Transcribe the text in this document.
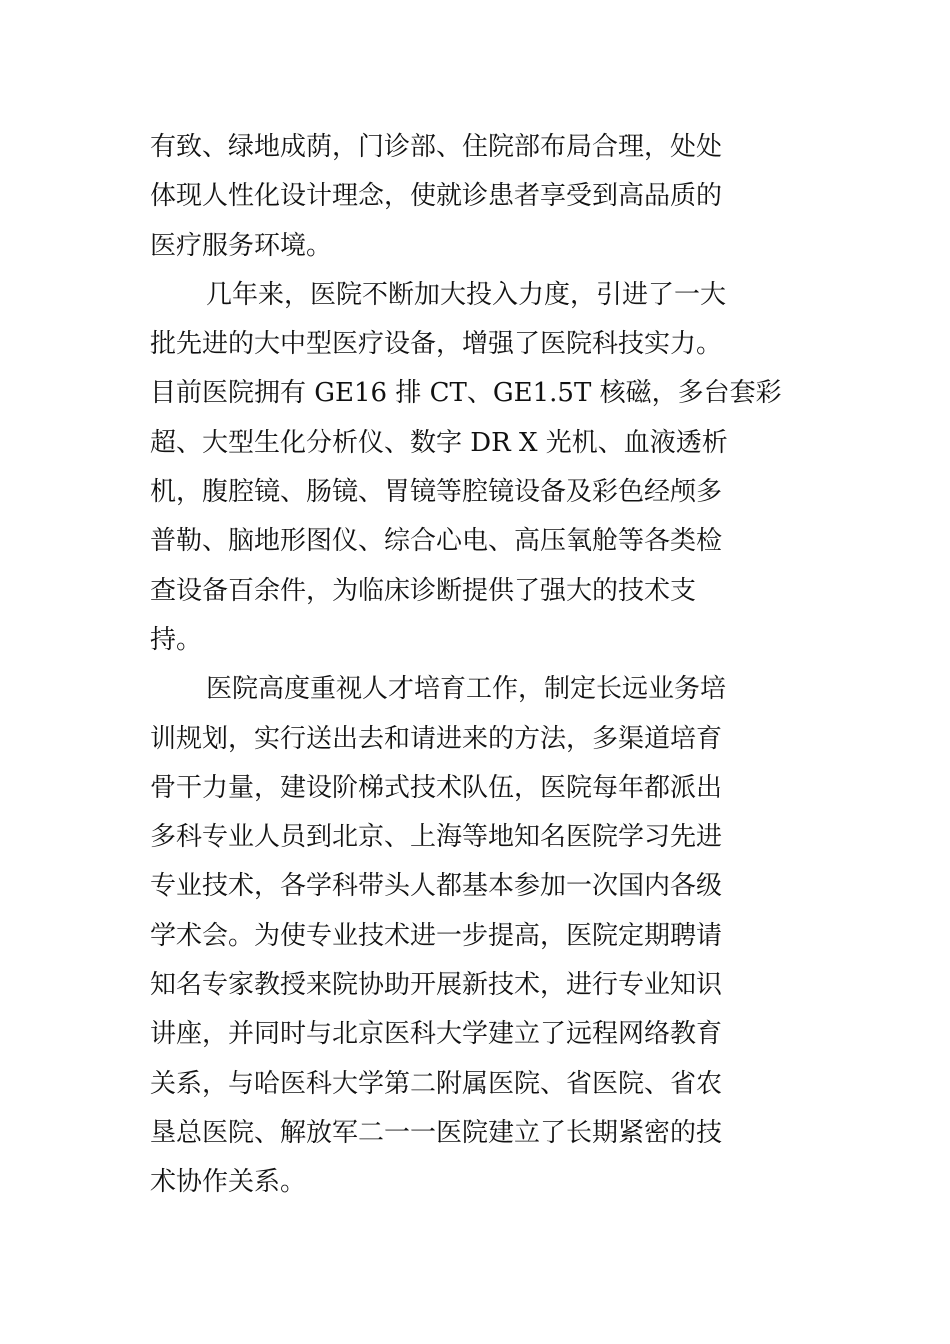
有致、绿地成荫，门诊部、住院部布局合理，处处
体现人性化设计理念，使就诊患者享受到高品质的
医疗服务环境。

几年来，医院不断加大投入力度，引进了一大
批先进的大中型医疗设备，增强了医院科技实力。
目前医院拥有 GE16 排 CT、GE1.5T 核磁，多台套彩
超、大型生化分析仪、数字 DR X 光机、血液透析
机，腹腔镜、肠镜、胃镜等腔镜设备及彩色经颅多
普勒、脑地形图仪、综合心电、高压氧舱等各类检
查设备百余件，为临床诊断提供了强大的技术支
持。

医院高度重视人才培育工作，制定长远业务培
训规划，实行送出去和请进来的方法，多渠道培育
骨干力量，建设阶梯式技术队伍，医院每年都派出
多科专业人员到北京、上海等地知名医院学习先进
专业技术，各学科带头人都基本参加一次国内各级
学术会。为使专业技术进一步提高，医院定期聘请
知名专家教授来院协助开展新技术，进行专业知识
讲座，并同时与北京医科大学建立了远程网络教育
关系，与哈医科大学第二附属医院、省医院、省农
垦总医院、解放军二一一医院建立了长期紧密的技
术协作关系。
